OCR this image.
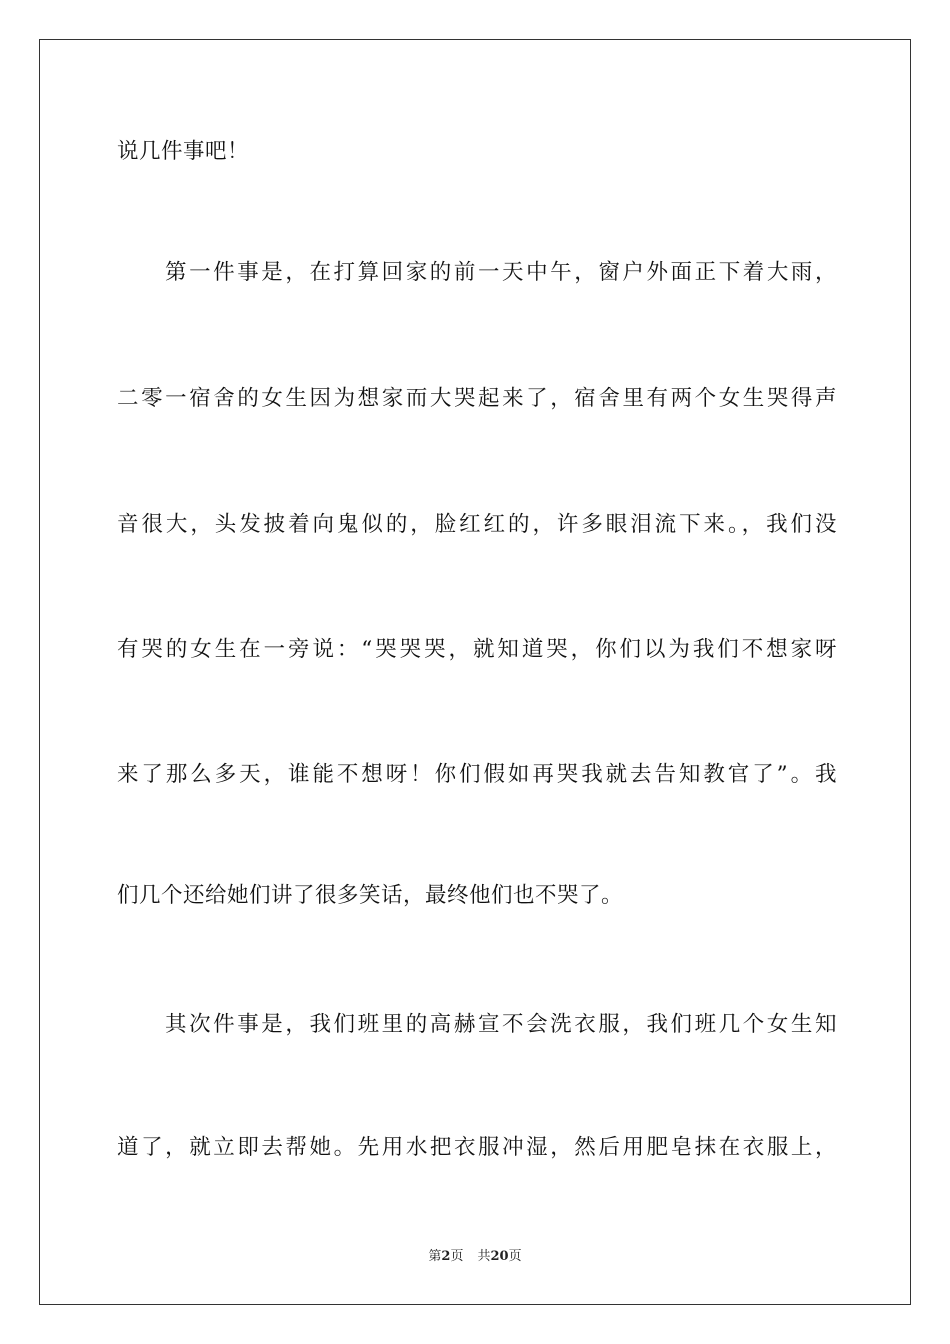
说几件事吧！
第一件事是，在打算回家的前一天中午，窗户外面正下着大雨，
二零一宿舍的女生因为想家而大哭起来了，宿舍里有两个女生哭得声
音很大，头发披着向鬼似的，脸红红的，许多眼泪流下来。，我们没
有哭的女生在一旁说：“哭哭哭，就知道哭，你们以为我们不想家呀
来了那么多天，谁能不想呀！你们假如再哭我就去告知教官了”。我
们几个还给她们讲了很多笑话，最终他们也不哭了。
其次件事是，我们班里的高赫宣不会洗衣服，我们班几个女生知
道了，就立即去帮她。先用水把衣服冲湿，然后用肥皂抹在衣服上，
第2页 共20页
